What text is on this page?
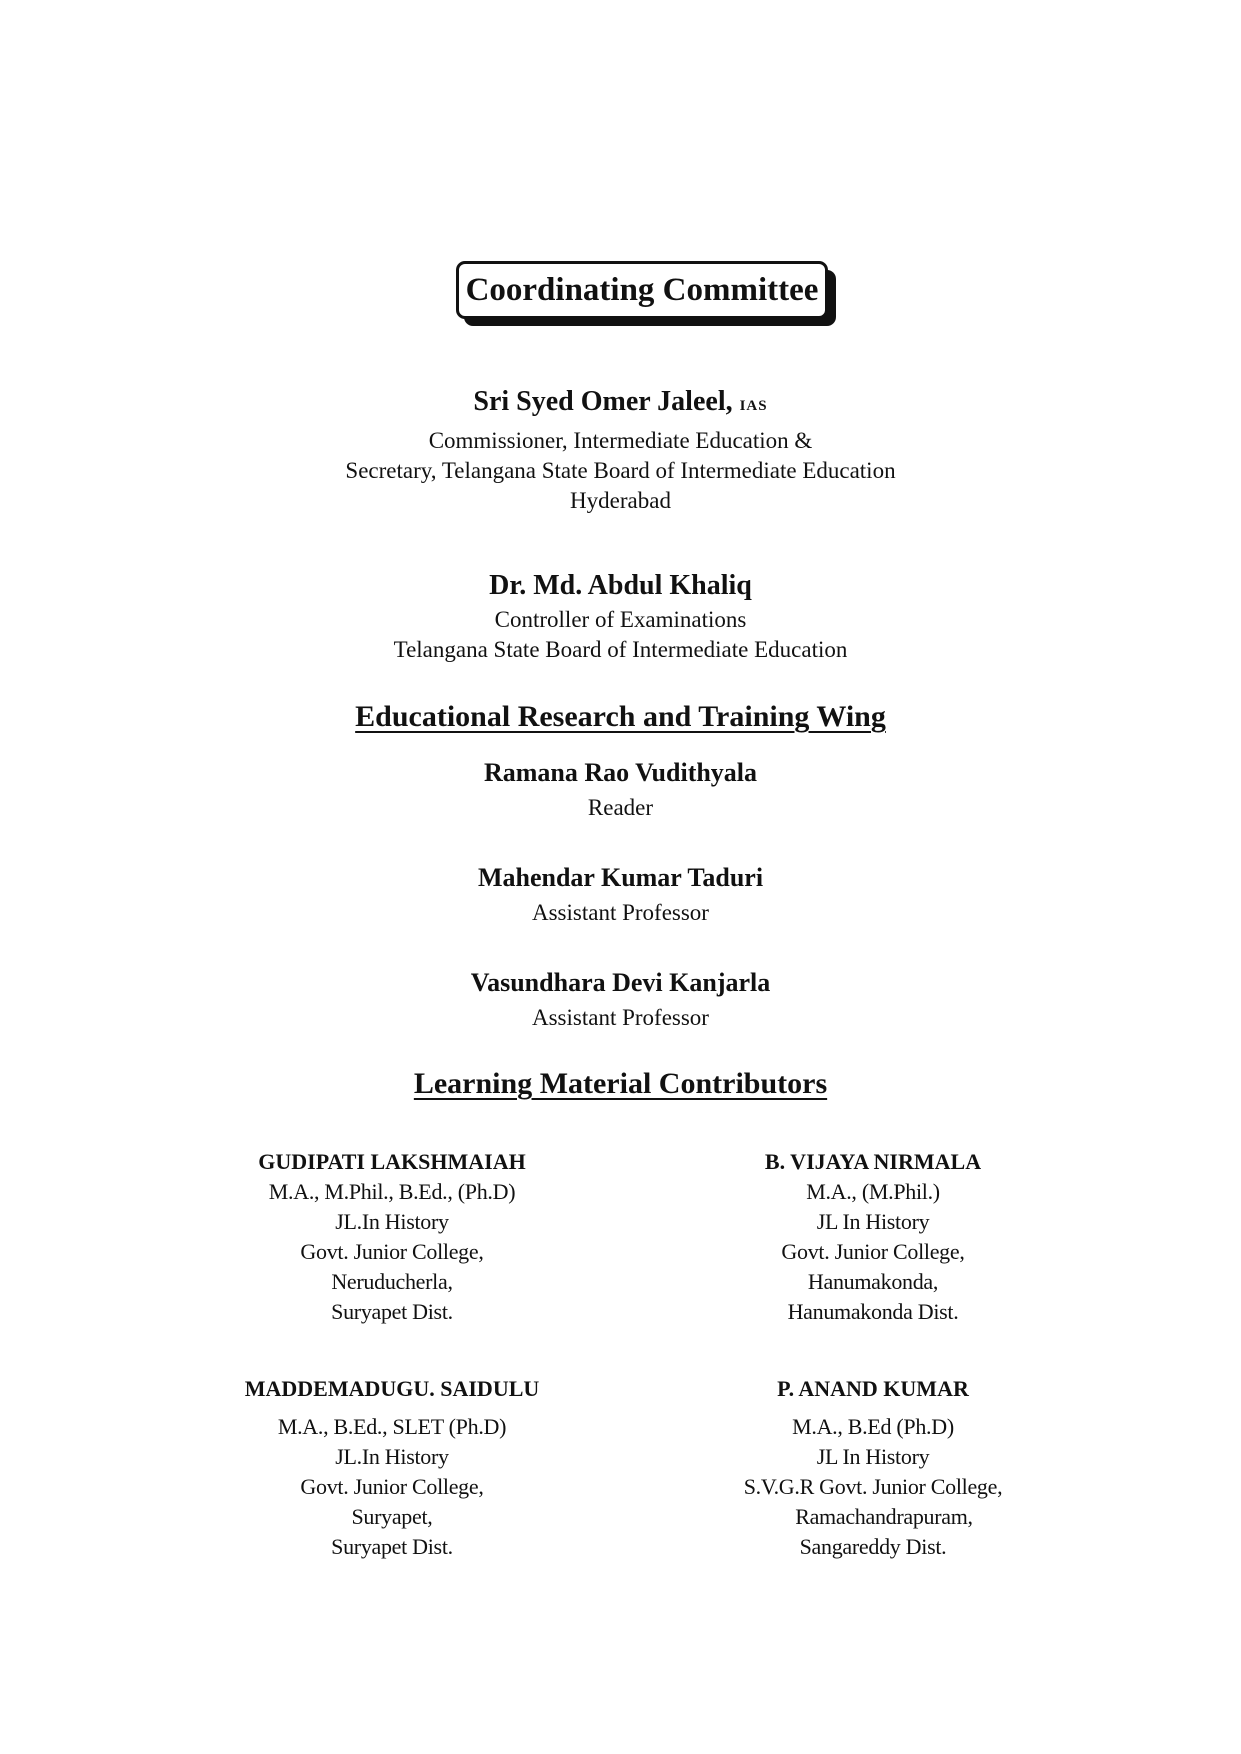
Coordinating Committee
Sri Syed Omer Jaleel, IAS
Commissioner, Intermediate Education &
Secretary, Telangana State Board of Intermediate Education
Hyderabad
Dr. Md. Abdul Khaliq
Controller of Examinations
Telangana State Board of Intermediate Education
Educational Research and Training Wing
Ramana Rao Vudithyala
Reader
Mahendar Kumar Taduri
Assistant Professor
Vasundhara Devi Kanjarla
Assistant Professor
Learning Material Contributors
GUDIPATI LAKSHMAIAH
M.A., M.Phil., B.Ed., (Ph.D)
JL.In History
Govt. Junior College,
Neruducherla,
Suryapet Dist.
B. VIJAYA NIRMALA
M.A., (M.Phil.)
JL In History
Govt. Junior College,
Hanumakonda,
Hanumakonda Dist.
MADDEMADUGU. SAIDULU
M.A., B.Ed., SLET (Ph.D)
JL.In History
Govt. Junior College,
Suryapet,
Suryapet Dist.
P. ANAND KUMAR
M.A., B.Ed (Ph.D)
JL In History
S.V.G.R Govt. Junior College,
Ramachandrapuram,
Sangareddy Dist.
